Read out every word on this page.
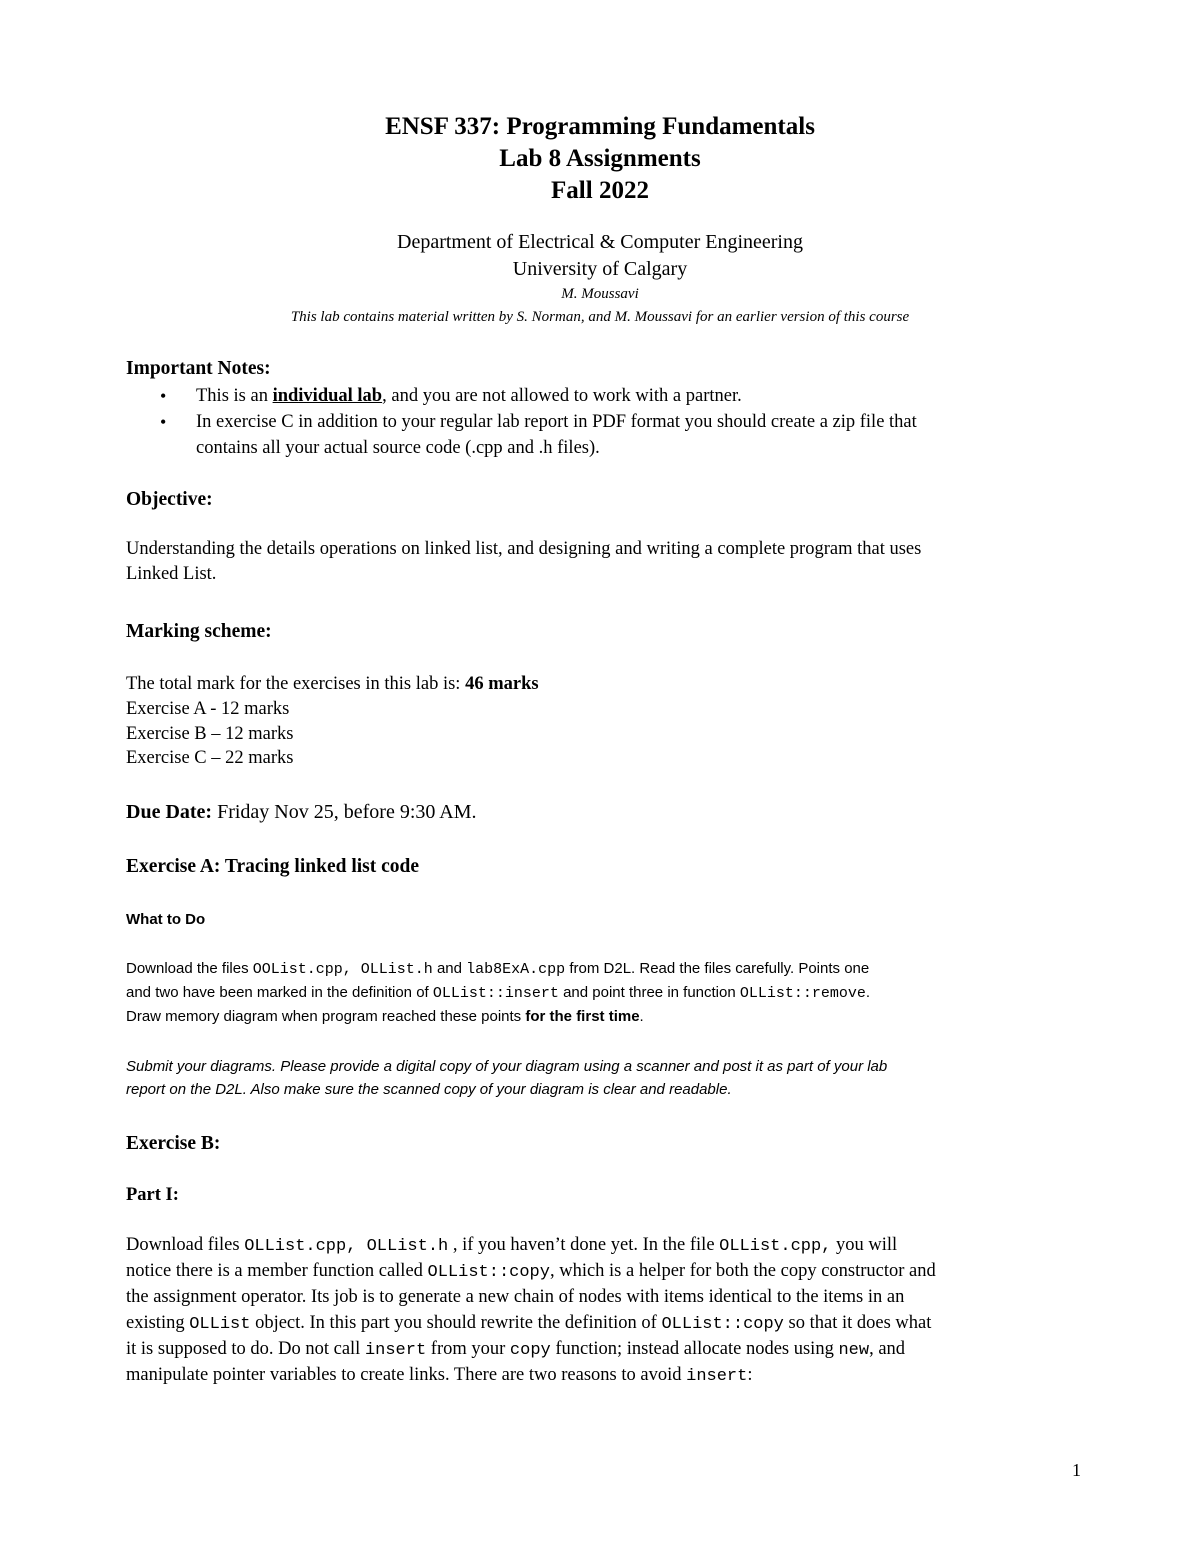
ENSF 337: Programming Fundamentals
Lab 8 Assignments
Fall 2022
Department of Electrical & Computer Engineering
University of Calgary
M. Moussavi
This lab contains material written by S. Norman, and M. Moussavi for an earlier version of this course
Important Notes:
• This is an individual lab, and you are not allowed to work with a partner.
• In exercise C in addition to your regular lab report in PDF format you should create a zip file that
contains all your actual source code (.cpp and .h files).
Objective:
Understanding the details operations on linked list, and designing and writing a complete program that uses
Linked List.
Marking scheme:
The total mark for the exercises in this lab is: 46 marks
Exercise A - 12 marks
Exercise B – 12 marks
Exercise C – 22 marks
Due Date: Friday Nov 25, before 9:30 AM.
Exercise A: Tracing linked list code
What to Do
Download the files OOList.cpp, OLList.h and lab8ExA.cpp from D2L. Read the files carefully. Points one
and two have been marked in the definition of OLList::insert and point three in function OLList::remove.
Draw memory diagram when program reached these points for the first time.
Submit your diagrams. Please provide a digital copy of your diagram using a scanner and post it as part of your lab
report on the D2L. Also make sure the scanned copy of your diagram is clear and readable.
Exercise B:
Part I:
Download files OLList.cpp, OLList.h , if you haven’t done yet. In the file OLList.cpp, you will
notice there is a member function called OLList::copy, which is a helper for both the copy constructor and
the assignment operator. Its job is to generate a new chain of nodes with items identical to the items in an
existing OLList object. In this part you should rewrite the definition of OLList::copy so that it does what
it is supposed to do. Do not call insert from your copy function; instead allocate nodes using new, and
manipulate pointer variables to create links. There are two reasons to avoid insert:
1
